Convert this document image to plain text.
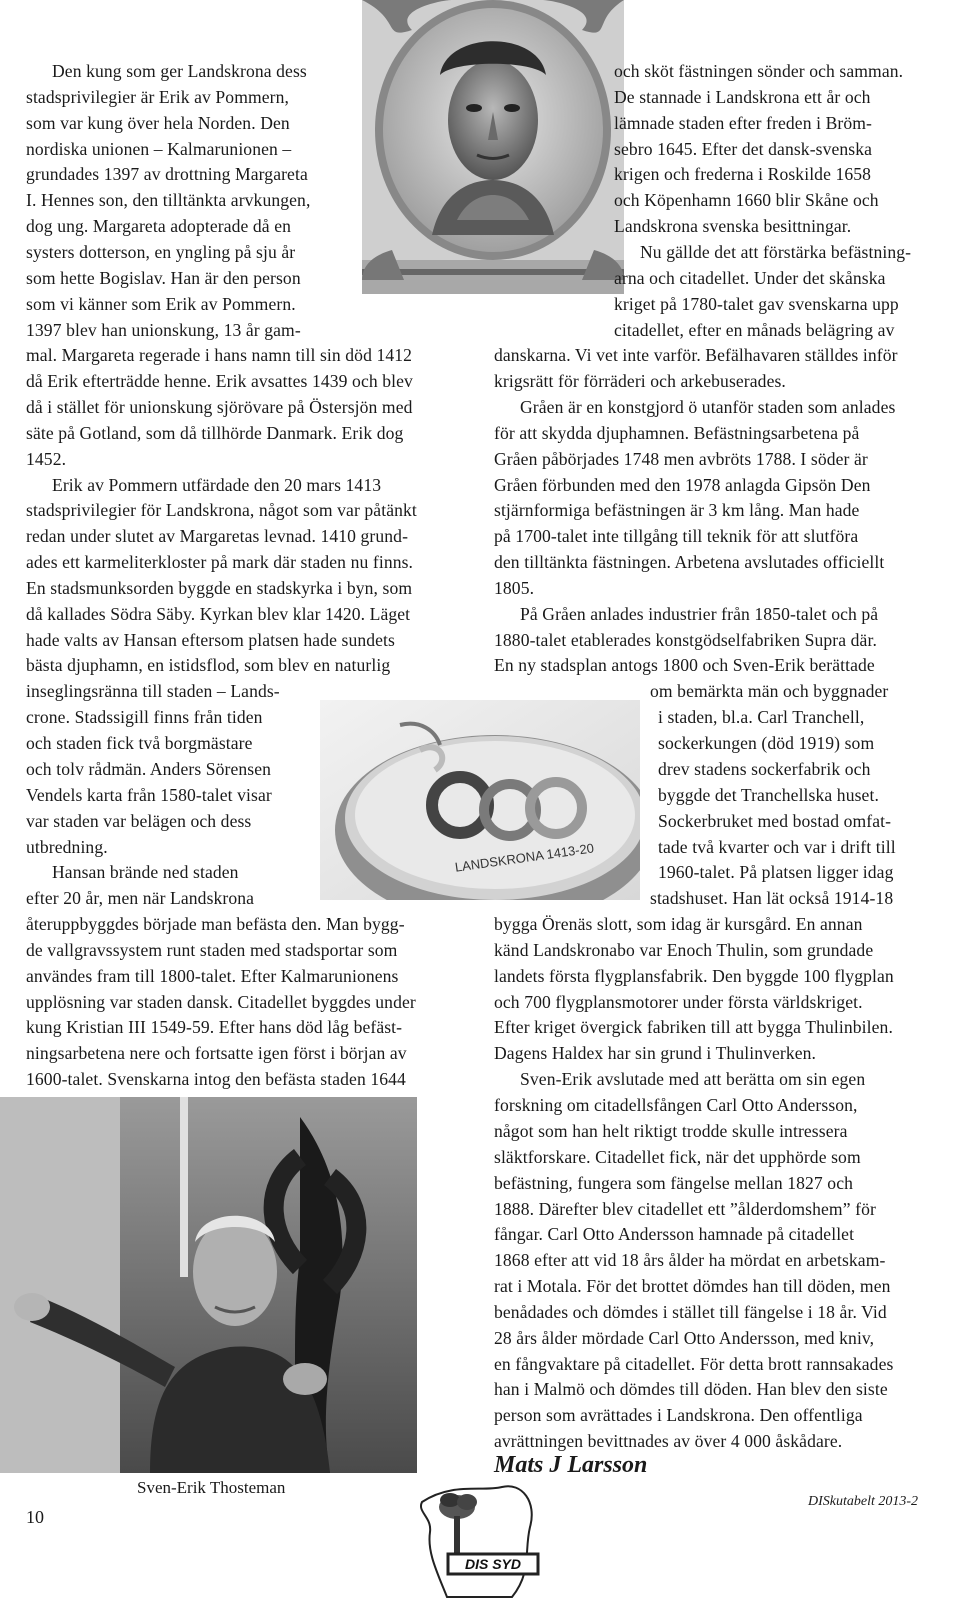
LANDSKRONA 1413-20
Sven-Erik Thosteman
Den kung som ger Landskrona dess
stadsprivilegier är Erik av Pommern,
som var kung över hela Norden. Den
nordiska unionen – Kalmarunionen –
grundades 1397 av drottning Margareta
I. Hennes son, den tilltänkta arvkungen,
dog ung. Margareta adopterade då en
systers dotterson, en yngling på sju år
som hette Bogislav. Han är den person
som vi känner som Erik av Pommern.
1397 blev han unionskung, 13 år gam-
mal. Margareta regerade i hans namn till sin död 1412
då Erik efterträdde henne. Erik avsattes 1439 och blev
då i stället för unionskung sjörövare på Östersjön med
säte på Gotland, som då tillhörde Danmark. Erik dog
1452.
Erik av Pommern utfärdade den 20 mars 1413
stadsprivilegier för Landskrona, något som var påtänkt
redan under slutet av Margaretas levnad. 1410 grund-
ades ett karmeliterkloster på mark där staden nu finns.
En stadsmunksorden byggde en stadskyrka i byn, som
då kallades Södra Säby. Kyrkan blev klar 1420. Läget
hade valts av Hansan eftersom platsen hade sundets
bästa djuphamn, en istidsflod, som blev en naturlig
inseglingsränna till staden – Lands-
crone. Stadssigill finns från tiden
och staden fick två borgmästare
och tolv rådmän. Anders Sörensen
Vendels karta från 1580-talet visar
var staden var belägen och dess
utbredning.
Hansan brände ned staden
efter 20 år, men när Landskrona
återuppbyggdes började man befästa den. Man bygg-
de vallgravssystem runt staden med stadsportar som
användes fram till 1800-talet. Efter Kalmarunionens
upplösning var staden dansk. Citadellet byggdes under
kung Kristian III 1549-59. Efter hans död låg befäst-
ningsarbetena nere och fortsatte igen först i början av
1600-talet. Svenskarna intog den befästa staden 1644
och sköt fästningen sönder och samman.
De stannade i Landskrona ett år och
lämnade staden efter freden i Bröm-
sebro 1645. Efter det dansk-svenska
krigen och frederna i Roskilde 1658
och Köpenhamn 1660 blir Skåne och
Landskrona svenska besittningar.
Nu gällde det att förstärka befästning-
arna och citadellet. Under det skånska
kriget på 1780-talet gav svenskarna upp
citadellet, efter en månads belägring av
danskarna. Vi vet inte varför. Befälhavaren ställdes inför
krigsrätt för förräderi och arkebuserades.
Gråen är en konstgjord ö utanför staden som anlades
för att skydda djuphamnen. Befästningsarbetena på
Gråen påbörjades 1748 men avbröts 1788. I söder är
Gråen förbunden med den 1978 anlagda Gipsön Den
stjärnformiga befästningen är 3 km lång. Man hade
på 1700-talet inte tillgång till teknik för att slutföra
den tilltänkta fästningen. Arbetena avslutades officiellt
1805.
På Gråen anlades industrier från 1850-talet och på
1880-talet etablerades konstgödselfabriken Supra där.
En ny stadsplan antogs 1800 och Sven-Erik berättade
om bemärkta män och byggnader
i staden, bl.a. Carl Tranchell,
sockerkungen (död 1919) som
drev stadens sockerfabrik och
byggde det Tranchellska huset.
Sockerbruket med bostad omfat-
tade två kvarter och var i drift till
1960-talet. På platsen ligger idag
stadshuset. Han lät också 1914-18
bygga Örenäs slott, som idag är kursgård. En annan
känd Landskronabo var Enoch Thulin, som grundade
landets första flygplansfabrik. Den byggde 100 flygplan
och 700 flygplansmotorer under första världskriget.
Efter kriget övergick fabriken till att bygga Thulinbilen.
Dagens Haldex har sin grund i Thulinverken.
Sven-Erik avslutade med att berätta om sin egen
forskning om citadellsfången Carl Otto Andersson,
något som han helt riktigt trodde skulle intressera
släktforskare. Citadellet fick, när det upphörde som
befästning, fungera som fängelse mellan 1827 och
1888. Därefter blev citadellet ett ”ålderdomshem” för
fångar. Carl Otto Andersson hamnade på citadellet
1868 efter att vid 18 års ålder ha mördat en arbetskam-
rat i Motala. För det brottet dömdes han till döden, men
benådades och dömdes i stället till fängelse i 18 år. Vid
28 års ålder mördade Carl Otto Andersson, med kniv,
en fångvaktare på citadellet. För detta brott rannsakades
han i Malmö och dömdes till döden. Han blev den siste
person som avrättades i Landskrona. Den offentliga
avrättningen bevittnades av över 4 000 åskådare.
Mats J Larsson
10
DIS SYD
DISkutabelt 2013-2
